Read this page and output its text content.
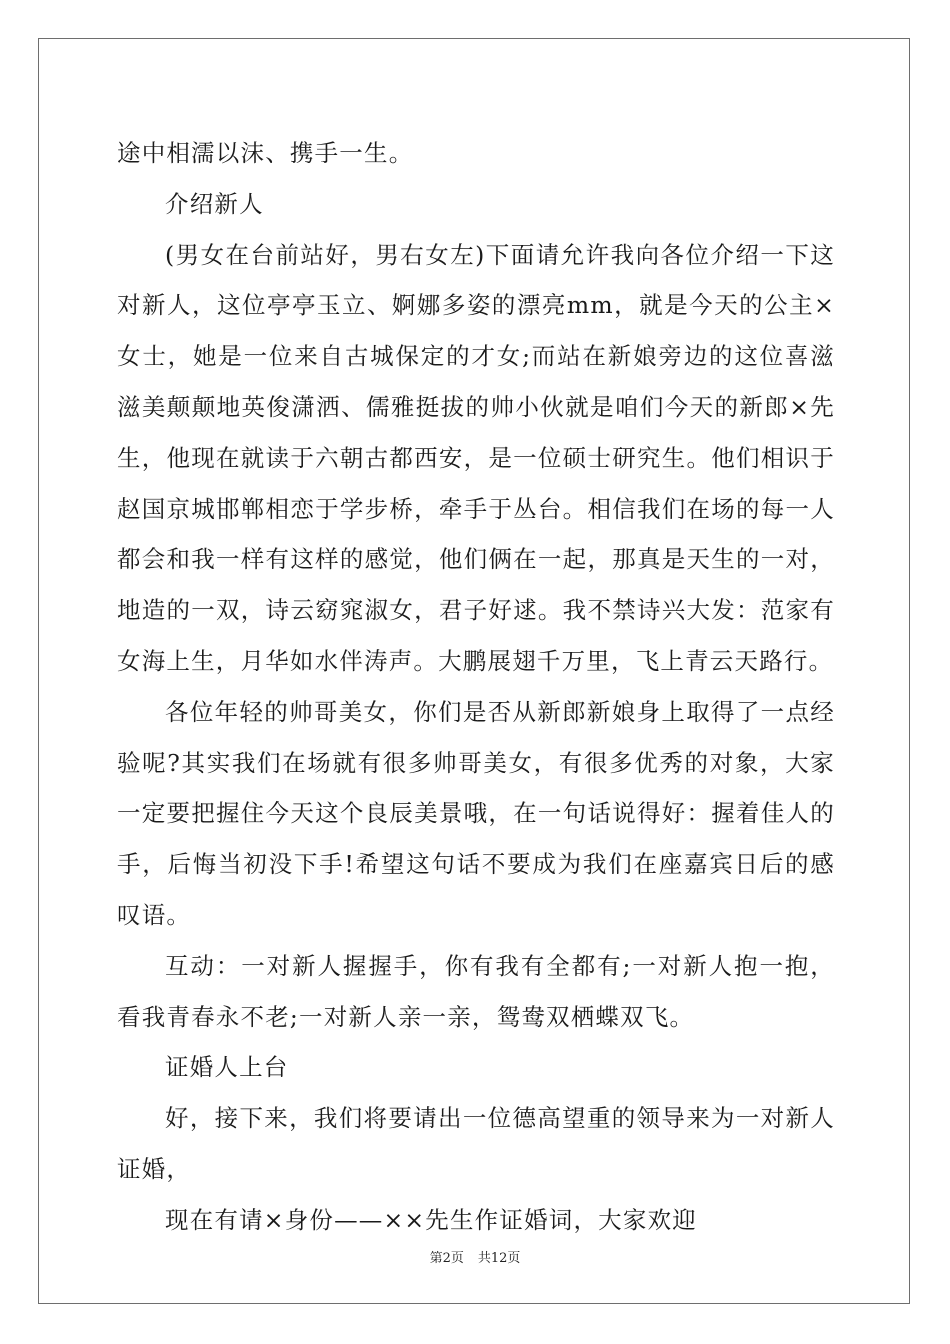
途中相濡以沫、携手一生。

介绍新人

(男女在台前站好，男右女左)下面请允许我向各位介绍一下这对新人，这位亭亭玉立、婀娜多姿的漂亮mm，就是今天的公主×女士，她是一位来自古城保定的才女;而站在新娘旁边的这位喜滋滋美颠颠地英俊潇洒、儒雅挺拔的帅小伙就是咱们今天的新郎×先生，他现在就读于六朝古都西安，是一位硕士研究生。他们相识于赵国京城邯郸相恋于学步桥，牵手于丛台。相信我们在场的每一人都会和我一样有这样的感觉，他们俩在一起，那真是天生的一对，地造的一双，诗云窈窕淑女，君子好逑。我不禁诗兴大发：范家有女海上生，月华如水伴涛声。大鹏展翅千万里，飞上青云天路行。

各位年轻的帅哥美女，你们是否从新郎新娘身上取得了一点经验呢?其实我们在场就有很多帅哥美女，有很多优秀的对象，大家一定要把握住今天这个良辰美景哦，在一句话说得好：握着佳人的手，后悔当初没下手!希望这句话不要成为我们在座嘉宾日后的感叹语。

互动：一对新人握握手，你有我有全都有;一对新人抱一抱，看我青春永不老;一对新人亲一亲，鸳鸯双栖蝶双飞。

证婚人上台

好，接下来，我们将要请出一位德高望重的领导来为一对新人证婚，

现在有请×身份——××先生作证婚词，大家欢迎

第2页 共12页
